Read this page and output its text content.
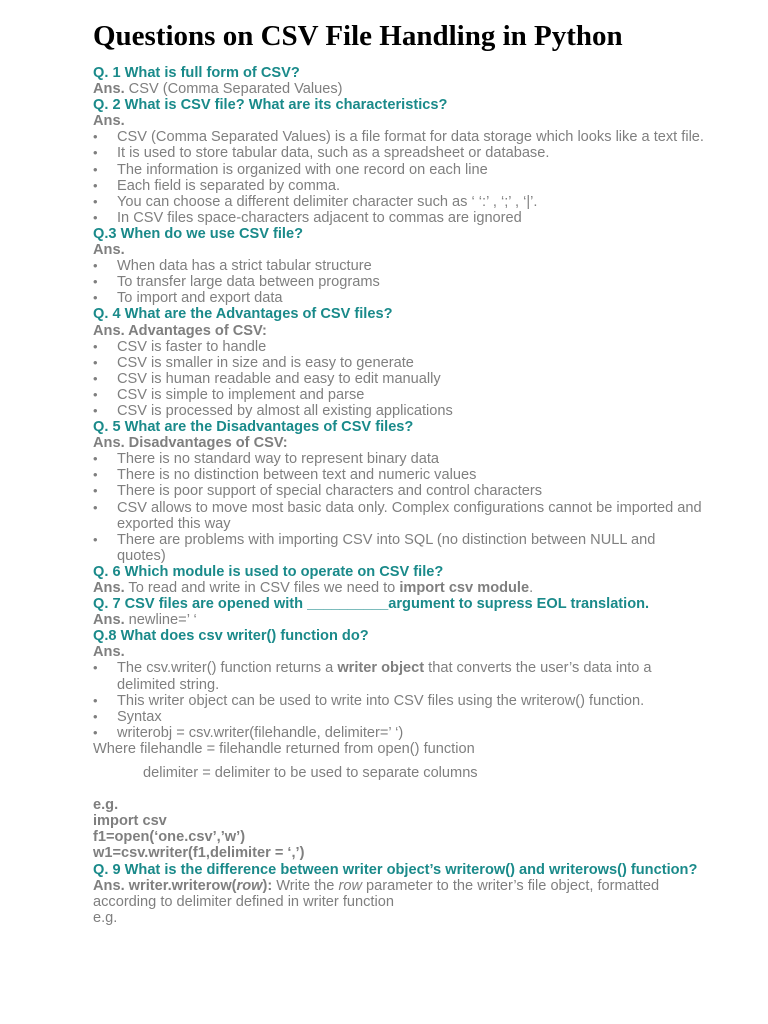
Questions on CSV File Handling in Python

Q. 1 What is full form of CSV?

Ans. CSV (Comma Separated Values)

Q. 2 What is CSV file? What are its characteristics?

Ans.

• CSV (Comma Separated Values) is a file format for data storage which looks like a text file.
• It is used to store tabular data, such as a spreadsheet or database.
• The information is organized with one record on each line
• Each field is separated by comma.
• You can choose a different delimiter character such as ‘ ‘:’ , ‘;’ , ‘|’.
• In CSV files space-characters adjacent to commas are ignored

Q.3 When do we use CSV file?

Ans.

• When data has a strict tabular structure
• To transfer large data between programs
• To import and export data

Q. 4 What are the Advantages of CSV files?

Ans. Advantages of CSV:

• CSV is faster to handle
• CSV is smaller in size and is easy to generate
• CSV is human readable and easy to edit manually
• CSV is simple to implement and parse
• CSV is processed by almost all existing applications

Q. 5 What are the Disadvantages of CSV files?

Ans. Disadvantages of CSV:

• There is no standard way to represent binary data
• There is no distinction between text and numeric values
• There is poor support of special characters and control characters
• CSV allows to move most basic data only. Complex configurations cannot be imported and exported this way
• There are problems with importing CSV into SQL (no distinction between NULL and quotes)

Q. 6 Which module is used to operate on CSV file?

Ans. To read and write in CSV files we need to import csv module.

Q. 7 CSV files are opened with __________argument to supress EOL translation.

Ans. newline=’ ‘

Q.8 What does csv writer() function do?

Ans.

• The csv.writer() function returns a writer object that converts the user’s data into a delimited string.
• This writer object can be used to write into CSV files using the writerow() function.
• Syntax
• writerobj = csv.writer(filehandle, delimiter=’ ‘)

Where filehandle = filehandle returned from open() function

delimiter = delimiter to be used to separate columns

e.g.

import csv

f1=open(‘one.csv’,’w’)

w1=csv.writer(f1,delimiter = ‘,’)

Q. 9 What is the difference between writer object’s writerow() and writerows() function?

Ans. writer.writerow(row): Write the row parameter to the writer’s file object, formatted according to delimiter defined in writer function

e.g.
